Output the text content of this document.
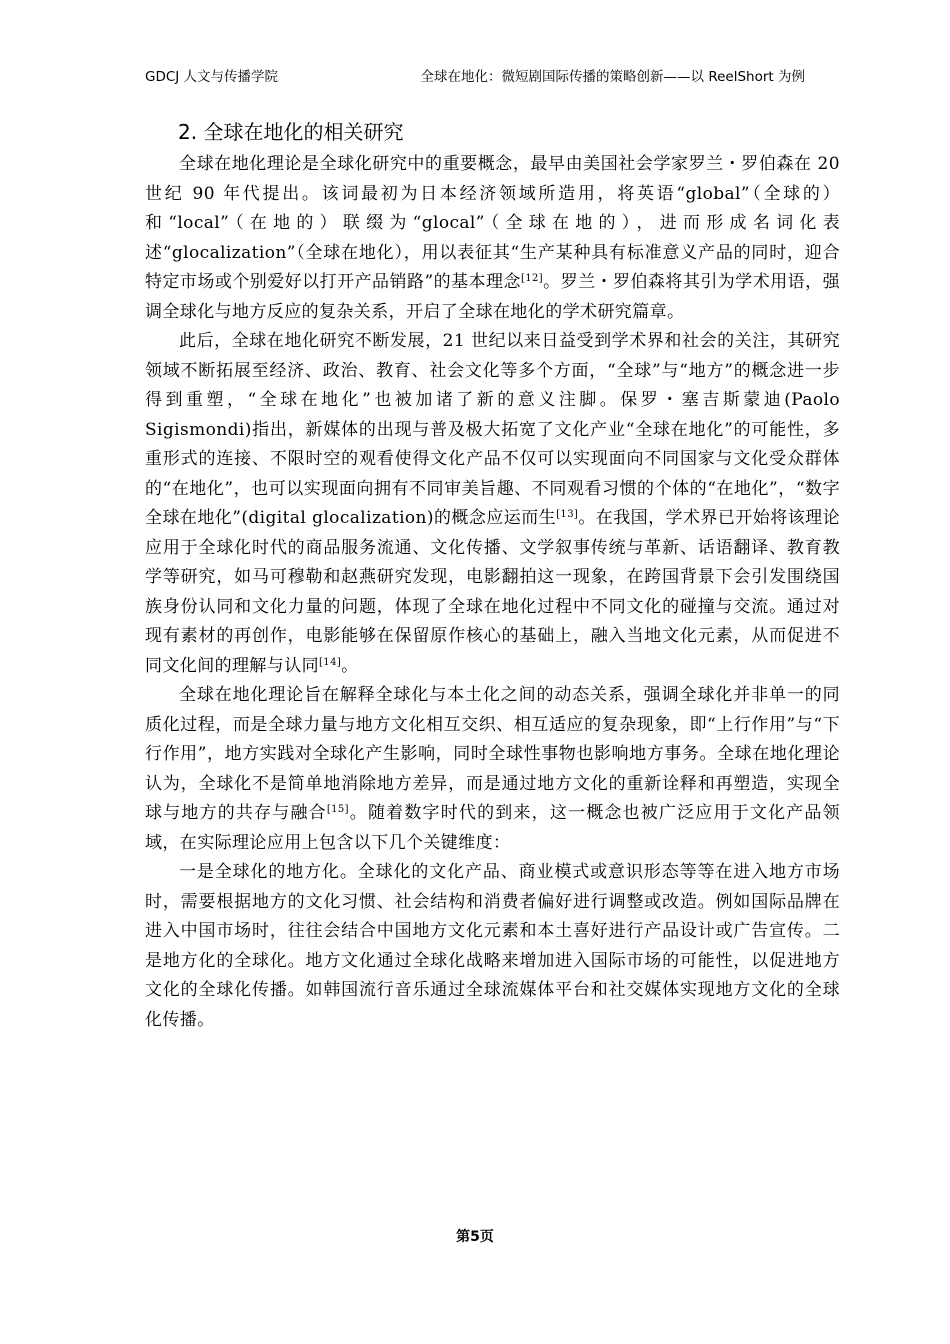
GDCJ 人文与传播学院	全球在地化：微短剧国际传播的策略创新——以 ReelShort 为例
2. 全球在地化的相关研究

全球在地化理论是全球化研究中的重要概念，最早由美国社会学家罗兰・罗伯森在 20 世纪 90 年代提出。该词最初为日本经济领域所造用，将英语“global”（全球的）和“local”（在地的）联缀为“glocal”（全球在地的），进而形成名词化表述“glocalization”（全球在地化），用以表征其“生产某种具有标准意义产品的同时，迎合特定市场或个别爱好以打开产品销路”的基本理念[12]。罗兰・罗伯森将其引为学术用语，强调全球化与地方反应的复杂关系，开启了全球在地化的学术研究篇章。

此后，全球在地化研究不断发展，21 世纪以来日益受到学术界和社会的关注，其研究领域不断拓展至经济、政治、教育、社会文化等多个方面，“全球”与“地方”的概念进一步得到重塑，“全球在地化”也被加诸了新的意义注脚。保罗・塞吉斯蒙迪(Paolo Sigismondi)指出，新媒体的出现与普及极大拓宽了文化产业“全球在地化”的可能性，多重形式的连接、不限时空的观看使得文化产品不仅可以实现面向不同国家与文化受众群体的“在地化”，也可以实现面向拥有不同审美旨趣、不同观看习惯的个体的“在地化”，“数字全球在地化”(digital glocalization)的概念应运而生[13]。在我国，学术界已开始将该理论应用于全球化时代的商品服务流通、文化传播、文学叙事传统与革新、话语翻译、教育教学等研究，如马可穆勒和赵燕研究发现，电影翻拍这一现象，在跨国背景下会引发围绕国族身份认同和文化力量的问题，体现了全球在地化过程中不同文化的碰撞与交流。通过对现有素材的再创作，电影能够在保留原作核心的基础上，融入当地文化元素，从而促进不同文化间的理解与认同[14]。

全球在地化理论旨在解释全球化与本土化之间的动态关系，强调全球化并非单一的同质化过程，而是全球力量与地方文化相互交织、相互适应的复杂现象，即“上行作用”与“下行作用”，地方实践对全球化产生影响，同时全球性事物也影响地方事务。全球在地化理论认为，全球化不是简单地消除地方差异，而是通过地方文化的重新诠释和再塑造，实现全球与地方的共存与融合[15]。随着数字时代的到来，这一概念也被广泛应用于文化产品领域，在实际理论应用上包含以下几个关键维度：

一是全球化的地方化。全球化的文化产品、商业模式或意识形态等等在进入地方市场时，需要根据地方的文化习惯、社会结构和消费者偏好进行调整或改造。例如国际品牌在进入中国市场时，往往会结合中国地方文化元素和本土喜好进行产品设计或广告宣传。二是地方化的全球化。地方文化通过全球化战略来增加进入国际市场的可能性，以促进地方文化的全球化传播。如韩国流行音乐通过全球流媒体平台和社交媒体实现地方文化的全球化传播。

第5页
